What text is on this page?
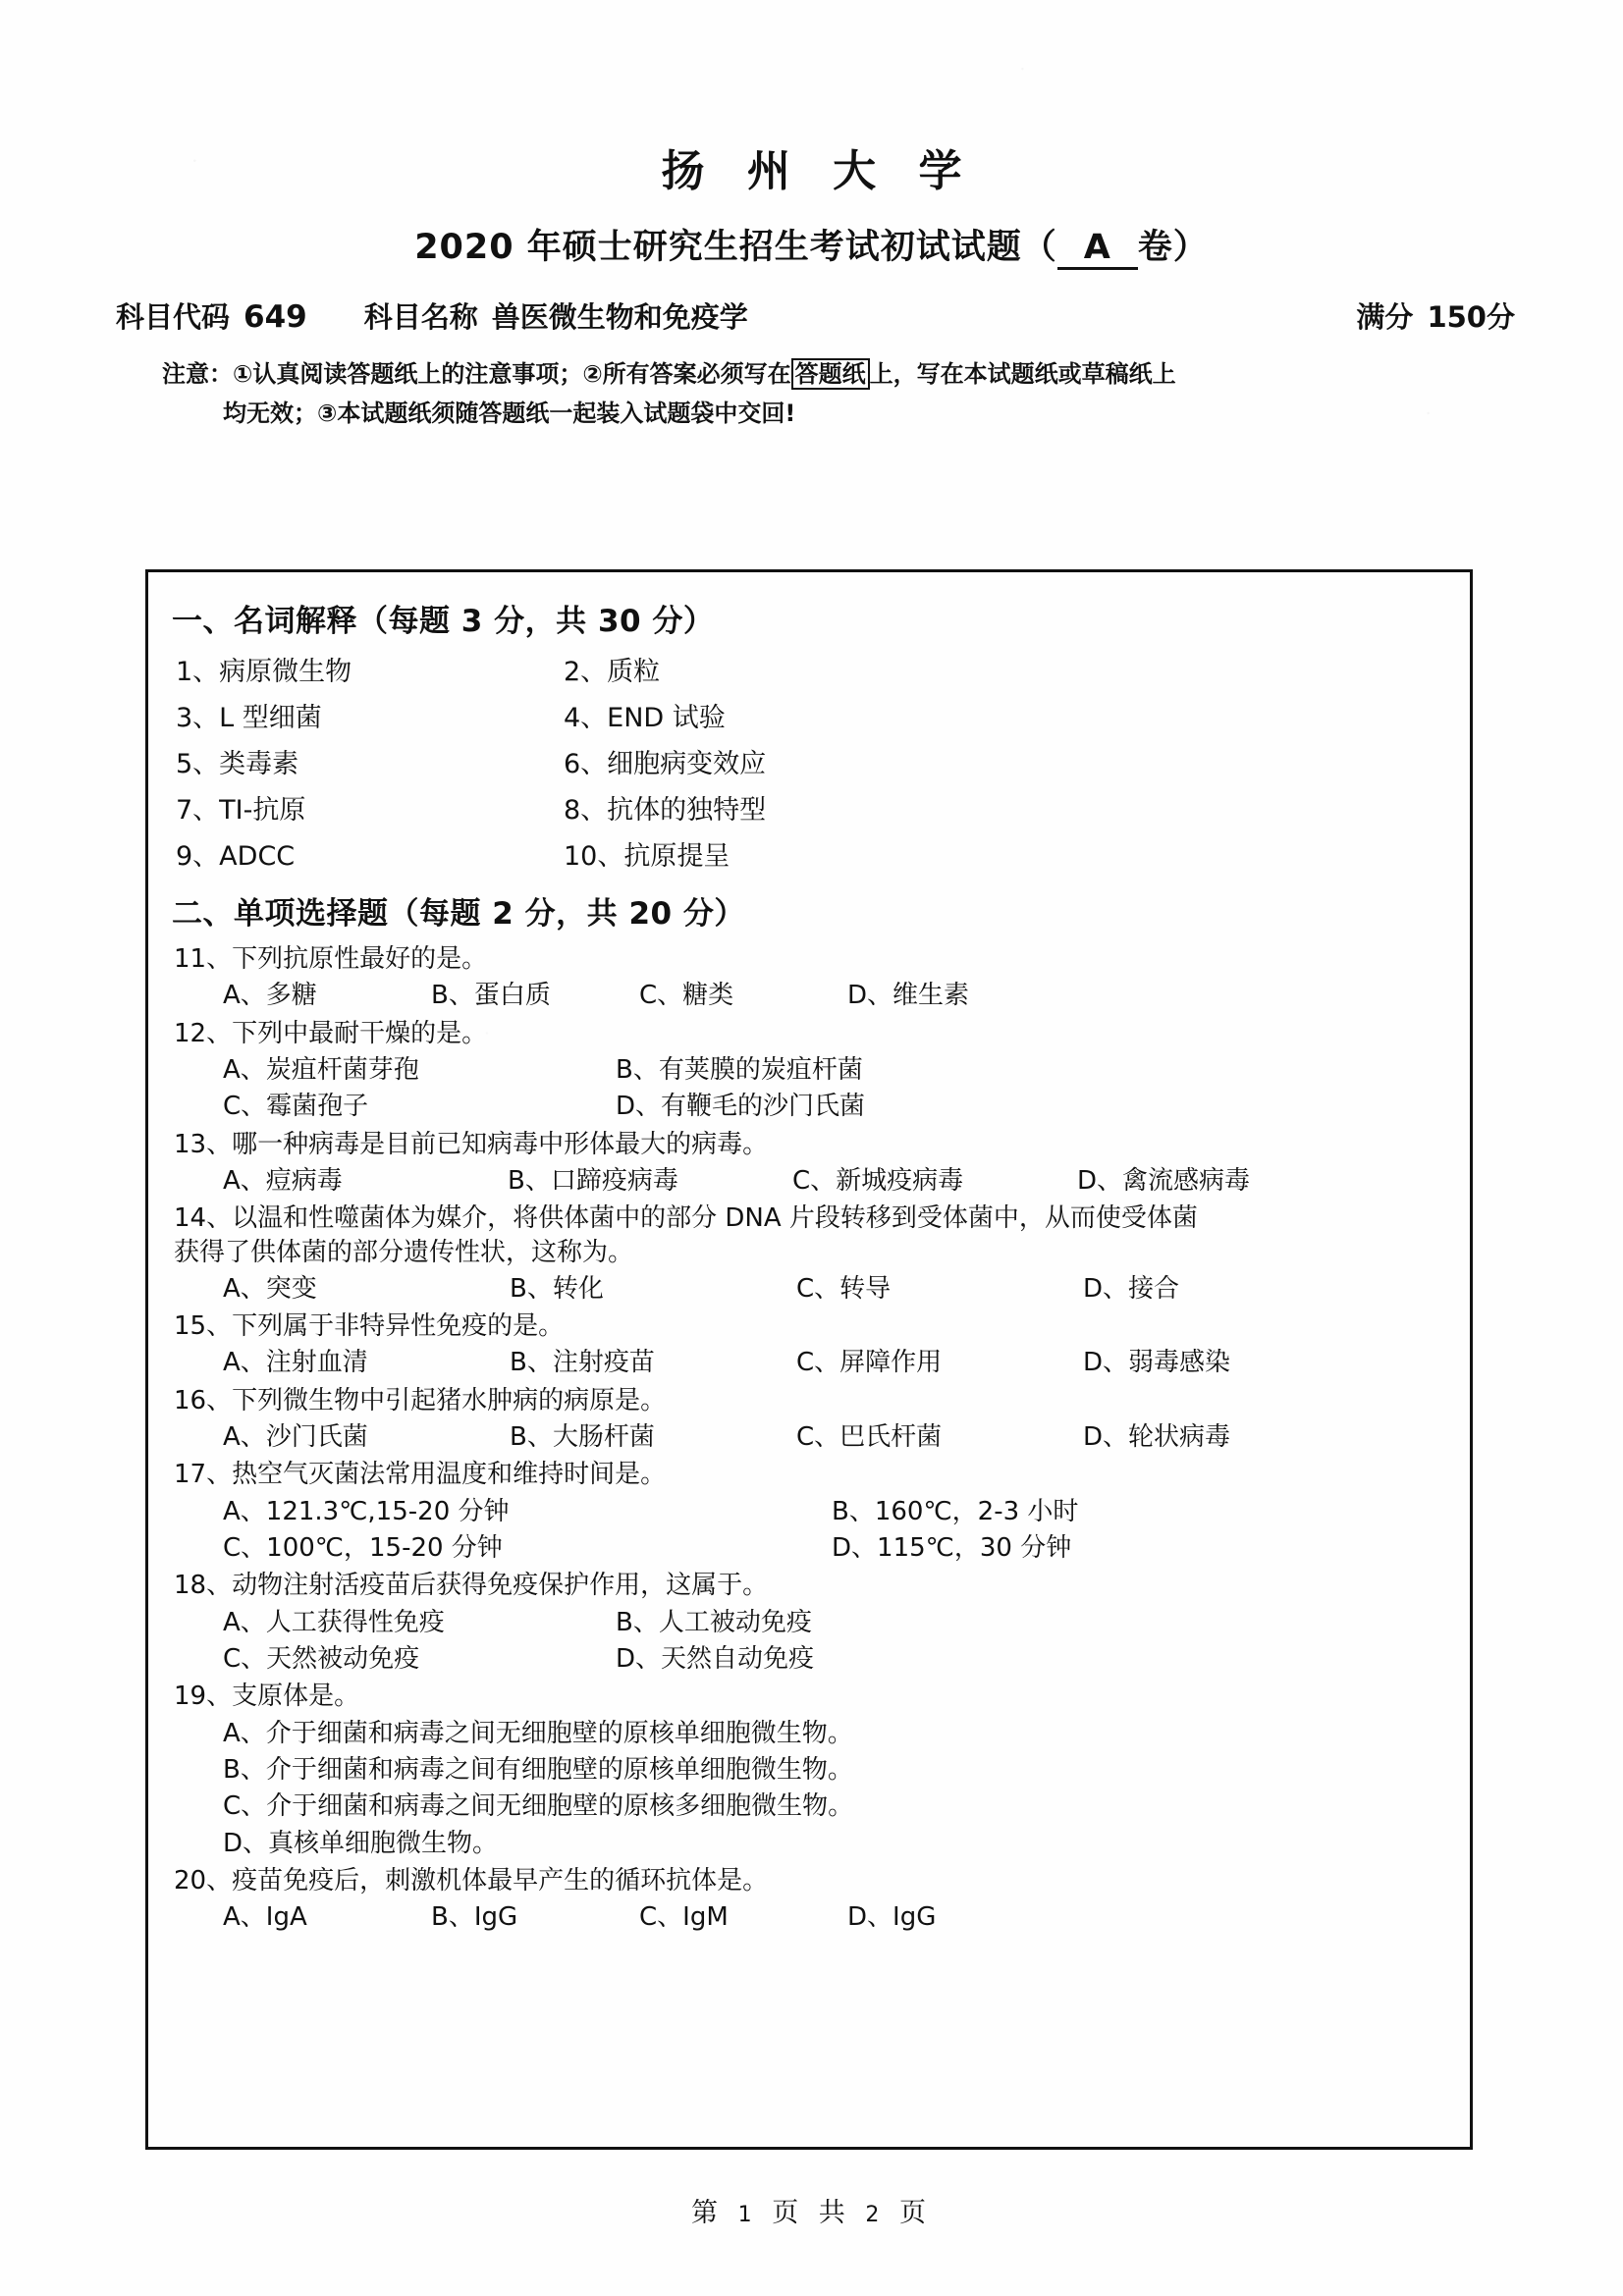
扬 州 大 学
2020 年硕士研究生招生考试初试试题（ A 卷）
科目代码 649 科目名称 兽医微生物和免疫学	满分 150 分
注意：①认真阅读答题纸上的注意事项；②所有答案必须写在 答题纸 上，写在本试题纸或草稿纸上
均无效；③本试题纸须随答题纸一起装入试题袋中交回!
一、名词解释（每题 3 分，共 30 分）
1、病原微生物	2、质粒
3、L 型细菌	4、END 试验
5、类毒素	6、细胞病变效应
7、TI-抗原	8、抗体的独特型
9、ADCC	10、抗原提呈
二、单项选择题（每题 2 分，共 20 分）
11、下列抗原性最好的是。
A、多糖	B、蛋白质	C、糖类	D、维生素
12、下列中最耐干燥的是。
A、炭疽杆菌芽孢	B、有荚膜的炭疽杆菌
C、霉菌孢子	D、有鞭毛的沙门氏菌
13、哪一种病毒是目前已知病毒中形体最大的病毒。
A、痘病毒	B、口蹄疫病毒	C、新城疫病毒	D、禽流感病毒
14、以温和性噬菌体为媒介，将供体菌中的部分 DNA 片段转移到受体菌中，从而使受体菌
获得了供体菌的部分遗传性状，这称为。
A、突变	B、转化	C、转导	D、接合
15、下列属于非特异性免疫的是。
A、注射血清	B、注射疫苗	C、屏障作用	D、弱毒感染
16、下列微生物中引起猪水肿病的病原是。
A、沙门氏菌	B、大肠杆菌	C、巴氏杆菌	D、轮状病毒
17、热空气灭菌法常用温度和维持时间是。
A、121.3℃,15-20 分钟	B、160℃，2-3 小时
C、100℃，15-20 分钟	D、115℃，30 分钟
18、动物注射活疫苗后获得免疫保护作用，这属于。
A、人工获得性免疫	B、人工被动免疫
C、天然被动免疫	D、天然自动免疫
19、支原体是。
A、介于细菌和病毒之间无细胞壁的原核单细胞微生物。
B、介于细菌和病毒之间有细胞壁的原核单细胞微生物。
C、介于细菌和病毒之间无细胞壁的原核多细胞微生物。
D、真核单细胞微生物。
20、疫苗免疫后，刺激机体最早产生的循环抗体是。
A、IgA	B、IgG	C、IgM	D、IgG
第 1 页 共 2 页
